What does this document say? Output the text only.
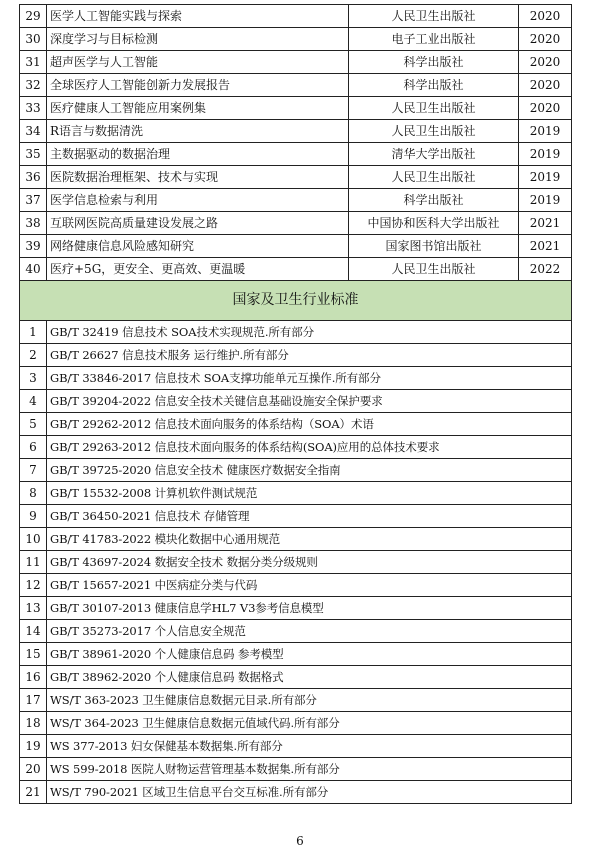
29	医学人工智能实践与探索	人民卫生出版社	2020
30	深度学习与目标检测	电子工业出版社	2020
31	超声医学与人工智能	科学出版社	2020
32	全球医疗人工智能创新力发展报告	科学出版社	2020
33	医疗健康人工智能应用案例集	人民卫生出版社	2020
34	R语言与数据清洗	人民卫生出版社	2019
35	主数据驱动的数据治理	清华大学出版社	2019
36	医院数据治理框架、技术与实现	人民卫生出版社	2019
37	医学信息检索与利用	科学出版社	2019
38	互联网医院高质量建设发展之路	中国协和医科大学出版社	2021
39	网络健康信息风险感知研究	国家图书馆出版社	2021
40	医疗+5G，更安全、更高效、更温暖	人民卫生出版社	2022
国家及卫生行业标准			
1	GB/T 32419 信息技术 SOA技术实现规范.所有部分		
2	GB/T 26627 信息技术服务 运行维护.所有部分		
3	GB/T 33846-2017 信息技术 SOA支撑功能单元互操作.所有部分		
4	GB/T 39204-2022 信息安全技术关键信息基础设施安全保护要求		
5	GB/T 29262-2012 信息技术面向服务的体系结构（SOA）术语		
6	GB/T 29263-2012 信息技术面向服务的体系结构(SOA)应用的总体技术要求		
7	GB/T 39725-2020 信息安全技术 健康医疗数据安全指南		
8	GB/T 15532-2008 计算机软件测试规范		
9	GB/T 36450-2021 信息技术 存储管理		
10	GB/T 41783-2022 模块化数据中心通用规范		
11	GB/T 43697-2024 数据安全技术 数据分类分级规则		
12	GB/T 15657-2021 中医病症分类与代码		
13	GB/T 30107-2013 健康信息学HL7 V3参考信息模型		
14	GB/T 35273-2017 个人信息安全规范		
15	GB/T 38961-2020 个人健康信息码 参考模型		
16	GB/T 38962-2020 个人健康信息码 数据格式		
17	WS/T 363-2023 卫生健康信息数据元目录.所有部分		
18	WS/T 364-2023 卫生健康信息数据元值域代码.所有部分		
19	WS 377-2013 妇女保健基本数据集.所有部分		
20	WS 599-2018 医院人财物运营管理基本数据集.所有部分		
21	WS/T 790-2021 区域卫生信息平台交互标准.所有部分		
6
